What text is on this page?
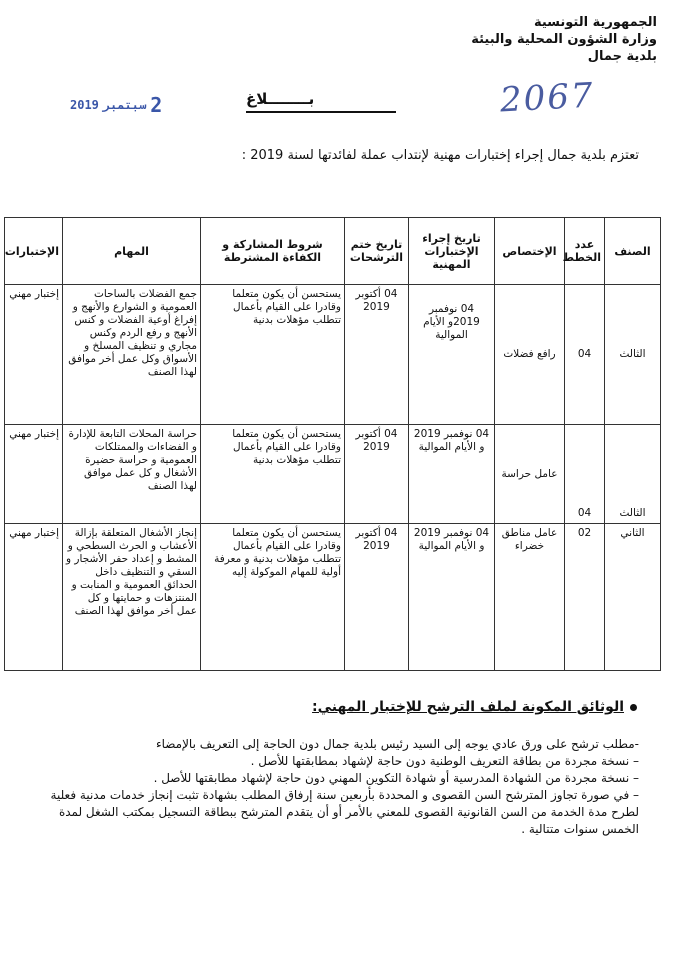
الجمهورية التونسية
وزارة الشؤون المحلية والبيئة
بلدية جمال
2019 سبتمبر 2	بــــــــلاغ	2067
تعتزم بلدية جمال إجراء إختبارات مهنية لإنتداب عملة لفائدتها لسنة 2019 :
الصنف	عدد الخطط	الإختصاص	تاريخ إجراء الإختبارات المهنية	تاريخ ختم الترشحات	شروط المشاركة و الكفاءة المشترطة	المهام	الإختبارات
الثالث	04	رافع فضلات	04 نوفمبر 2019و الأيام الموالية	04 أكتوبر 2019	يستحسن أن يكون متعلما وقادرا على القيام بأعمال تتطلب مؤهلات بدنية	جمع الفضلات بالساحات العمومية و الشوارع والأنهج و إفراغ أوعية الفضلات و كنس الأنهج و رفع الردم وكنس مجاري و تنظيف المسلخ و الأسواق وكل عمل أخر موافق لهذا الصنف	إختبار مهني
الثالث	04	عامل حراسة	04 نوفمبر 2019 و الأيام الموالية	04 أكتوبر 2019	يستحسن أن يكون متعلما وقادرا على القيام بأعمال تتطلب مؤهلات بدنية	حراسة المحلات التابعة للإدارة و الفضاءات والممتلكات العمومية و حراسة حضيرة الأشغال و كل عمل موافق لهذا الصنف	إختبار مهني
الثاني	02	عامل مناطق خضراء	04 نوفمبر 2019 و الأيام الموالية	04 أكتوبر 2019	يستحسن أن يكون متعلما وقادرا على القيام بأعمال تتطلب مؤهلات بدنية و معرفة أولية للمهام الموكولة إليه	إنجاز الأشغال المتعلقة بإزالة الأعشاب و الحرث السطحي و المشط و إعداد حفر الأشجار و السقي و التنظيف داخل الحدائق العمومية و المنابت و المنتزهات و حمايتها و كل عمل أخر موافق لهذا الصنف	إختبار مهني
الوثائق المكونة لملف الترشح للإختبار المهني:

-مطلب ترشح على ورق عادي يوجه إلى السيد رئيس بلدية جمال دون الحاجة إلى التعريف بالإمضاء

– نسخة مجردة من بطاقة التعريف الوطنية دون حاجة لإشهاد بمطابقتها للأصل .

– نسخة مجردة من الشهادة المدرسية أو شهادة التكوين المهني دون حاجة لإشهاد مطابقتها للأصل .

– في صورة تجاوز المترشح السن القصوى و المحددة بأربعين سنة إرفاق المطلب بشهادة تثبت إنجاز خدمات مدنية فعلية لطرح مدة الخدمة من السن القانونية القصوى للمعني بالأمر أو أن يتقدم المترشح ببطاقة التسجيل بمكتب الشغل لمدة الخمس سنوات متتالية .
